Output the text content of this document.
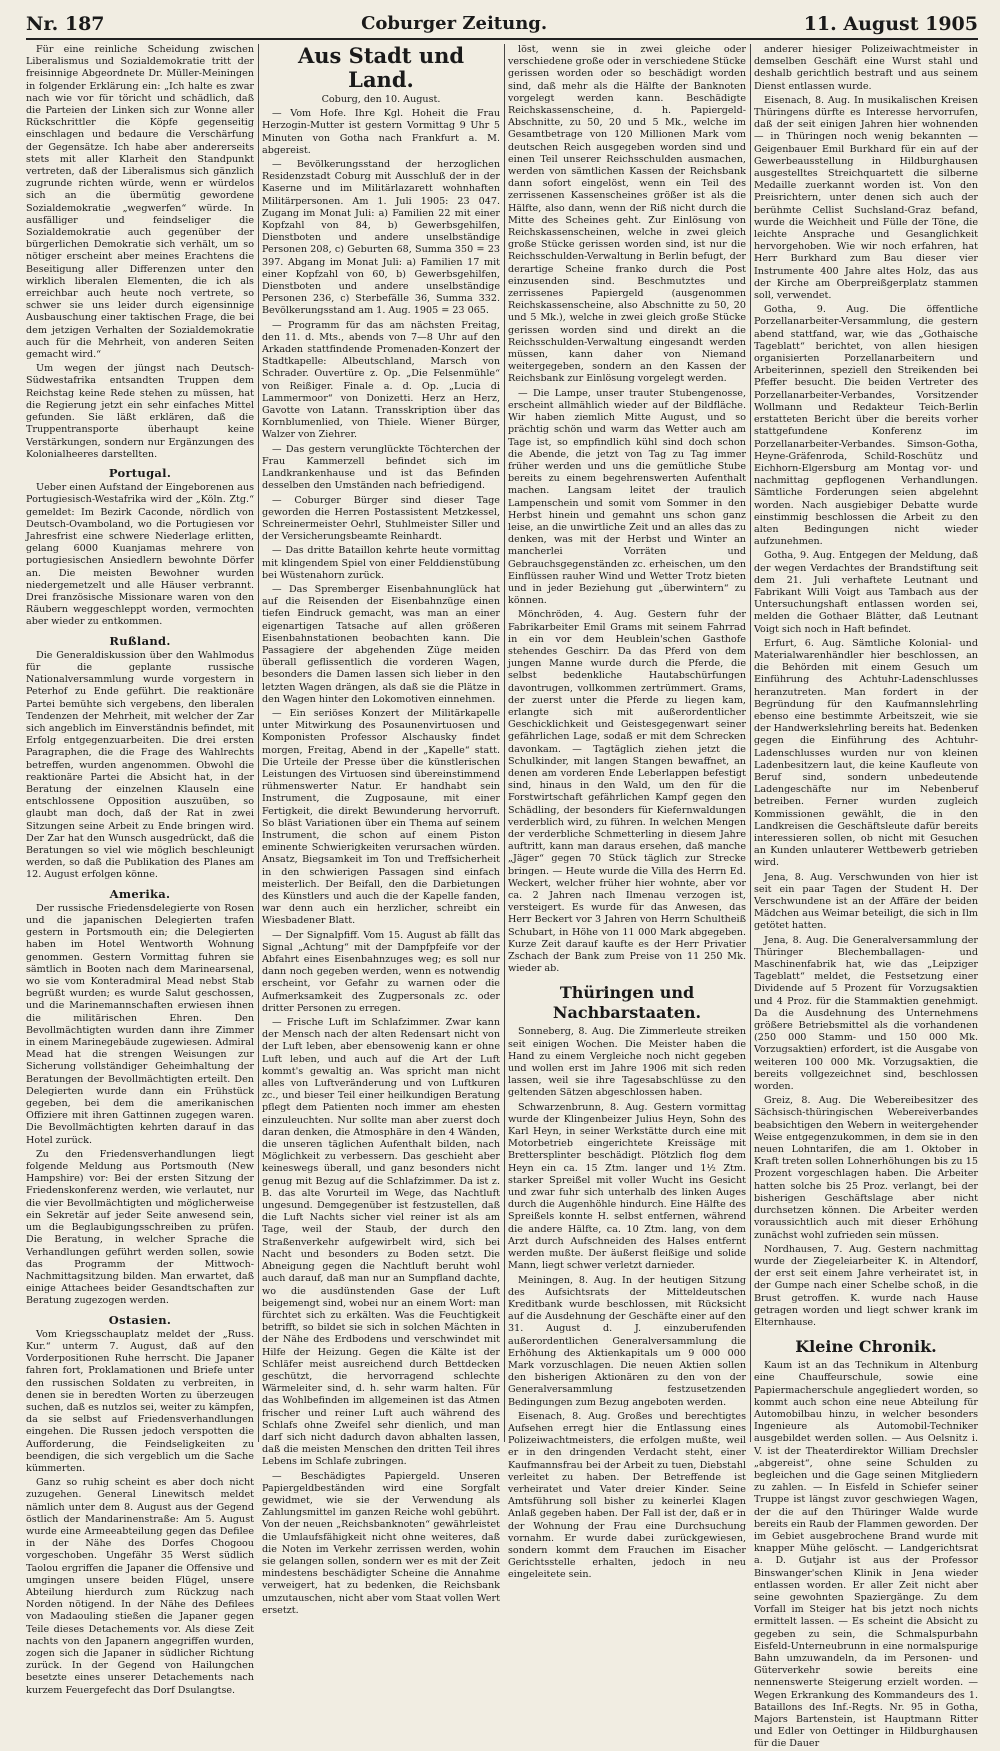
Nr. 187	Coburger Zeitung.	11. August 1905

Für eine reinliche Scheidung zwischen Liberalismus und Sozialdemokratie tritt der freisinnige Abgeordnete Dr. Müller-Meiningen in folgender Erklärung ein: „Ich halte es zwar nach wie vor für töricht und schädlich, daß die Parteien der Linken sich zur Wonne aller Rückschrittler die Köpfe gegenseitig einschlagen und bedaure die Verschärfung der Gegensätze. Ich habe aber andererseits stets mit aller Klarheit den Standpunkt vertreten, daß der Liberalismus sich gänzlich zugrunde richten würde, wenn er würdelos sich an die übermütig gewordene Sozialdemokratie „wegwerfen“ würde. In ausfälliger und feindseliger die Sozialdemokratie auch gegenüber der bürgerlichen Demokratie sich verhält, um so nötiger erscheint aber meines Erachtens die Beseitigung aller Differenzen unter den wirklich liberalen Elementen, die ich als erreichbar auch heute noch vertrete, so schwer sie uns leider durch eigensinnige Ausbauschung einer taktischen Frage, die bei dem jetzigen Verhalten der Sozialdemokratie auch für die Mehrheit, von anderen Seiten gemacht wird.“

Um wegen der jüngst nach Deutsch-Südwestafrika entsandten Truppen dem Reichstag keine Rede stehen zu müssen, hat die Regierung jetzt ein sehr einfaches Mittel gefunden. Sie läßt erklären, daß die Truppentransporte überhaupt keine Verstärkungen, sondern nur Ergänzungen des Kolonialheeres darstellten.

Portugal.

Ueber einen Aufstand der Eingeborenen aus Portugiesisch-Westafrika wird der „Köln. Ztg.“ gemeldet: Im Bezirk Caconde, nördlich von Deutsch-Ovamboland, wo die Portugiesen vor Jahresfrist eine schwere Niederlage erlitten, gelang 6000 Kuanjamas mehrere von portugiesischen Ansiedlern bewohnte Dörfer an. Die meisten Bewohner wurden niedergemetzelt und alle Häuser verbrannt. Drei französische Missionare waren von den Räubern weggeschleppt worden, vermochten aber wieder zu entkommen.

Rußland.

Die Generaldiskussion über den Wahlmodus für die geplante russische Nationalversammlung wurde vorgestern in Peterhof zu Ende geführt. Die reaktionäre Partei bemühte sich vergebens, den liberalen Tendenzen der Mehrheit, mit welcher der Zar sich angeblich im Einverständnis befindet, mit Erfolg entgegenzuarbeiten. Die drei ersten Paragraphen, die die Frage des Wahlrechts betreffen, wurden angenommen. Obwohl die reaktionäre Partei die Absicht hat, in der Beratung der einzelnen Klauseln eine entschlossene Opposition auszuüben, so glaubt man doch, daß der Rat in zwei Sitzungen seine Arbeit zu Ende bringen wird. Der Zar hat den Wunsch ausgedrückt, daß die Beratungen so viel wie möglich beschleunigt werden, so daß die Publikation des Planes am 12. August erfolgen könne.

Amerika.

Der russische Friedensdelegierte von Rosen und die japanischen Delegierten trafen gestern in Portsmouth ein; die Delegierten haben im Hotel Wentworth Wohnung genommen. Gestern Vormittag fuhren sie sämtlich in Booten nach dem Marinearsenal, wo sie vom Konteradmiral Mead nebst Stab begrüßt wurden; es wurde Salut geschossen, und die Marinemannschaften erwiesen ihnen die militärischen Ehren. Den Bevollmächtigten wurden dann ihre Zimmer in einem Marinegebäude zugewiesen. Admiral Mead hat die strengen Weisungen zur Sicherung vollständiger Geheimhaltung der Beratungen der Bevollmächtigten erteilt. Den Delegierten wurde dann ein Frühstück gegeben, bei dem die amerikanischen Offiziere mit ihren Gattinnen zugegen waren. Die Bevollmächtigten kehrten darauf in das Hotel zurück.

Zu den Friedensverhandlungen liegt folgende Meldung aus Portsmouth (New Hampshire) vor: Bei der ersten Sitzung der Friedenskonferenz werden, wie verlautet, nur die vier Bevollmächtigten und möglicherweise ein Sekretär auf jeder Seite anwesend sein, um die Beglaubigungsschreiben zu prüfen. Die Beratung, in welcher Sprache die Verhandlungen geführt werden sollen, sowie das Programm der Mittwoch-Nachmittagsitzung bilden. Man erwartet, daß einige Attachees beider Gesandtschaften zur Beratung zugezogen werden.

Ostasien.

Vom Kriegsschauplatz meldet der „Russ. Kur.“ unterm 7. August, daß auf den Vorderpositionen Ruhe herrscht. Die Japaner fahren fort, Proklamationen und Briefe unter den russischen Soldaten zu verbreiten, in denen sie in beredten Worten zu überzeugen suchen, daß es nutzlos sei, weiter zu kämpfen, da sie selbst auf Friedensverhandlungen eingehen. Die Russen jedoch verspotten die Aufforderung, die Feindseligkeiten zu beendigen, die sich vergeblich um die Sache kümmerten.

Ganz so ruhig scheint es aber doch nicht zuzugehen. General Linewitsch meldet nämlich unter dem 8. August aus der Gegend östlich der Mandarinenstraße: Am 5. August wurde eine Armeeabteilung gegen das Defilee in der Nähe des Dorfes Chogoou vorgeschoben. Ungefähr 35 Werst südlich Taolou ergriffen die Japaner die Offensive und umgingen unsere beiden Flügel, unsere Abteilung hierdurch zum Rückzug nach Norden nötigend. In der Nähe des Defilees von Madaouling stießen die Japaner gegen Teile dieses Detachements vor. Als diese Zeit nachts von den Japanern angegriffen wurden, zogen sich die Japaner in südlicher Richtung zurück. In der Gegend von Hailungchen besetzte eines unserer Detachements nach kurzem Feuergefecht das Dorf Dsulangtse.

Aus Stadt und Land.
Coburg, den 10. August.

— Vom Hofe. Ihre Kgl. Hoheit die Frau Herzogin-Mutter ist gestern Vormittag 9 Uhr 5 Minuten von Gotha nach Frankfurt a. M. abgereist.

— Bevölkerungsstand der herzoglichen Residenzstadt Coburg mit Ausschluß der in der Kaserne und im Militärlazarett wohnhaften Militärpersonen. Am 1. Juli 1905: 23 047. Zugang im Monat Juli: a) Familien 22 mit einer Kopfzahl von 84, b) Gewerbsgehilfen, Dienstboten und andere unselbständige Personen 208, c) Geburten 68, Summa 350 = 23 397. Abgang im Monat Juli: a) Familien 17 mit einer Kopfzahl von 60, b) Gewerbsgehilfen, Dienstboten und andere unselbständige Personen 236, c) Sterbefälle 36, Summa 332. Bevölkerungsstand am 1. Aug. 1905 = 23 065.

— Programm für das am nächsten Freitag, den 11. d. Mts., abends von 7—8 Uhr auf den Arkaden stattfindende Promenaden-Konzert der Stadtkapelle: Albeutschland, Marsch von Schrader. Ouvertüre z. Op. „Die Felsenmühle“ von Reißiger. Finale a. d. Op. „Lucia di Lammermoor“ von Donizetti. Herz an Herz, Gavotte von Latann. Transskription über das Kornblumenlied, von Thiele. Wiener Bürger, Walzer von Ziehrer.

— Das gestern verunglückte Töchterchen der Frau Kammerzell befindet sich im Landkrankenhause und ist das Befinden desselben den Umständen nach befriedigend.

— Coburger Bürger sind dieser Tage geworden die Herren Postassistent Metzkessel, Schreinermeister Oehrl, Stuhlmeister Siller und der Versicherungsbeamte Reinhardt.

— Das dritte Bataillon kehrte heute vormittag mit klingendem Spiel von einer Felddienstübung bei Wüstenahorn zurück.

— Das Spremberger Eisenbahnunglück hat auf die Reisenden der Eisenbahnzüge einen tiefen Eindruck gemacht, was man an einer eigenartigen Tatsache auf allen größeren Eisenbahnstationen beobachten kann. Die Passagiere der abgehenden Züge meiden überall geflissentlich die vorderen Wagen, besonders die Damen lassen sich lieber in den letzten Wagen drängen, als daß sie die Plätze in den Wagen hinter den Lokomotiven einnehmen.

— Ein seriöses Konzert der Militärkapelle unter Mitwirkung des Posaunenvirtuosen und Komponisten Professor Alschausky findet morgen, Freitag, Abend in der „Kapelle“ statt. Die Urteile der Presse über die künstlerischen Leistungen des Virtuosen sind übereinstimmend rühmenswerter Natur. Er handhabt sein Instrument, die Zugposaune, mit einer Fertigkeit, die direkt Bewunderung hervorruft. So bläst Variationen über ein Thema auf seinem Instrument, die schon auf einem Piston eminente Schwierigkeiten verursachen würden. Ansatz, Biegsamkeit im Ton und Treffsicherheit in den schwierigen Passagen sind einfach meisterlich. Der Beifall, den die Darbietungen des Künstlers und auch die der Kapelle fanden, war denn auch ein herzlicher, schreibt ein Wiesbadener Blatt.

— Der Signalpfiff. Vom 15. August ab fällt das Signal „Achtung“ mit der Dampfpfeife vor der Abfahrt eines Eisenbahnzuges weg; es soll nur dann noch gegeben werden, wenn es notwendig erscheint, vor Gefahr zu warnen oder die Aufmerksamkeit des Zugpersonals zc. oder dritter Personen zu erregen.

— Frische Luft im Schlafzimmer. Zwar kann der Mensch nach der alten Redensart nicht von der Luft leben, aber ebensowenig kann er ohne Luft leben, und auch auf die Art der Luft kommt's gewaltig an. Was spricht man nicht alles von Luftveränderung und von Luftkuren zc., und bieser Teil einer heilkundigen Beratung pflegt dem Patienten noch immer am ehesten einzuleuchten. Nur sollte man aber zuerst doch daran denken, die Atmosphäre in den 4 Wänden, die unseren täglichen Aufenthalt bilden, nach Möglichkeit zu verbessern. Das geschieht aber keineswegs überall, und ganz besonders nicht genug mit Bezug auf die Schlafzimmer. Da ist z. B. das alte Vorurteil im Wege, das Nachtluft ungesund. Demgegenüber ist festzustellen, daß die Luft Nachts sicher viel reiner ist als am Tage, weil der Staub, der durch den Straßenverkehr aufgewirbelt wird, sich bei Nacht und besonders zu Boden setzt. Die Abneigung gegen die Nachtluft beruht wohl auch darauf, daß man nur an Sumpfland dachte, wo die ausdünstenden Gase der Luft beigemengt sind, wobei nur an einem Wort: man fürchtet sich zu erkälten. Was die Feuchtigkeit betrifft, so bildet sie sich in solchen Mächten in der Nähe des Erdbodens und verschwindet mit Hilfe der Heizung. Gegen die Kälte ist der Schläfer meist ausreichend durch Bettdecken geschützt, die hervorragend schlechte Wärmeleiter sind, d. h. sehr warm halten. Für das Wohlbefinden im allgemeinen ist das Atmen frischer und reiner Luft auch während des Schlafs ohne Zweifel sehr dienlich, und man darf sich nicht dadurch davon abhalten lassen, daß die meisten Menschen den dritten Teil ihres Lebens im Schlafe zubringen.

— Beschädigtes Papiergeld. Unseren Papiergeldbeständen wird eine Sorgfalt gewidmet, wie sie der Verwendung als Zahlungsmittel im ganzen Reiche wohl gebührt. Von der neuen „Reichsbanknoten“ gewährleistet die Umlaufsfähigkeit nicht ohne weiteres, daß die Noten im Verkehr zerrissen werden, wohin sie gelangen sollen, sondern wer es mit der Zeit mindestens beschädigter Scheine die Annahme verweigert, hat zu bedenken, die Reichsbank umzutauschen, nicht aber vom Staat vollen Wert ersetzt.

löst, wenn sie in zwei gleiche oder verschiedene große oder in verschiedene Stücke gerissen worden oder so beschädigt worden sind, daß mehr als die Hälfte der Banknoten vorgelegt werden kann. Beschädigte Reichskassenscheine, d. h. Papiergeld-Abschnitte, zu 50, 20 und 5 Mk., welche im Gesamtbetrage von 120 Millionen Mark vom deutschen Reich ausgegeben worden sind und einen Teil unserer Reichsschulden ausmachen, werden von sämtlichen Kassen der Reichsbank dann sofort eingelöst, wenn ein Teil des zerrissenen Kassenscheines größer ist als die Hälfte, also dann, wenn der Riß nicht durch die Mitte des Scheines geht. Zur Einlösung von Reichskassenscheinen, welche in zwei gleich große Stücke gerissen worden sind, ist nur die Reichsschulden-Verwaltung in Berlin befugt, der derartige Scheine franko durch die Post einzusenden sind. Beschmutztes und zerrissenes Papiergeld (ausgenommen Reichskassenscheine, also Abschnitte zu 50, 20 und 5 Mk.), welche in zwei gleich große Stücke gerissen worden sind und direkt an die Reichsschulden-Verwaltung eingesandt werden müssen, kann daher von Niemand weitergegeben, sondern an den Kassen der Reichsbank zur Einlösung vorgelegt werden.

— Die Lampe, unser trauter Stubengenosse, erscheint allmählich wieder auf der Bildfläche. Wir haben ziemlich Mitte August, und so prächtig schön und warm das Wetter auch am Tage ist, so empfindlich kühl sind doch schon die Abende, die jetzt von Tag zu Tag immer früher werden und uns die gemütliche Stube bereits zu einem begehrenswerten Aufenthalt machen. Langsam leitet der traulich Lampenschein und somit vom Sommer in den Herbst hinein und gemahnt uns schon ganz leise, an die unwirtliche Zeit und an alles das zu denken, was mit der Herbst und Winter an mancherlei Vorräten und Gebrauchsgegenständen zc. erheischen, um den Einflüssen rauher Wind und Wetter Trotz bieten und in jeder Beziehung gut „überwintern“ zu können.

Mönchröden, 4. Aug. Gestern fuhr der Fabrikarbeiter Emil Grams mit seinem Fahrrad in ein vor dem Heublein'schen Gasthofe stehendes Geschirr. Da das Pferd von dem jungen Manne wurde durch die Pferde, die selbst bedenkliche Hautabschürfungen davontrugen, vollkommen zertrümmert. Grams, der zuerst unter die Pferde zu liegen kam, erlangte sich mit außerordentlicher Geschicklichkeit und Geistesgegenwart seiner gefährlichen Lage, sodaß er mit dem Schrecken davonkam. — Tagtäglich ziehen jetzt die Schulkinder, mit langen Stangen bewaffnet, an denen am vorderen Ende Leberlappen befestigt sind, hinaus in den Wald, um den für die Forstwirtschaft gefährlichen Kampf gegen den Schädling, der besonders für Kiefernwaldungen verderblich wird, zu führen. In welchen Mengen der verderbliche Schmetterling in diesem Jahre auftritt, kann man daraus ersehen, daß manche „Jäger“ gegen 70 Stück täglich zur Strecke bringen. — Heute wurde die Villa des Herrn Ed. Weckert, welcher früher hier wohnte, aber vor ca. 2 Jahren nach Ilmenau verzogen ist, versteigert. Es wurde für das Anwesen, das Herr Beckert vor 3 Jahren von Herrn Schultheiß Schubart, in Höhe von 11 000 Mark abgegeben. Kurze Zeit darauf kaufte es der Herr Privatier Zschach der Bank zum Preise von 11 250 Mk. wieder ab.

Thüringen und Nachbarstaaten.

Sonneberg, 8. Aug. Die Zimmerleute streiken seit einigen Wochen. Die Meister haben die Hand zu einem Vergleiche noch nicht gegeben und wollen erst im Jahre 1906 mit sich reden lassen, weil sie ihre Tagesabschlüsse zu den geltenden Sätzen abgeschlossen haben.

Schwarzenbrunn, 8. Aug. Gestern vormittag wurde der Klingenbeizer Julius Heyn, Sohn des Karl Heyn, in seiner Werkstätte durch eine mit Motorbetrieb eingerichtete Kreissäge mit Brettersplinter beschädigt. Plötzlich flog dem Heyn ein ca. 15 Ztm. langer und 1½ Ztm. starker Spreißel mit voller Wucht ins Gesicht und zwar fuhr sich unterhalb des linken Auges durch die Augenhöhle hindurch. Eine Hälfte des Spreißels konnte H. selbst entfernen, während die andere Hälfte, ca. 10 Ztm. lang, von dem Arzt durch Aufschneiden des Halses entfernt werden mußte. Der äußerst fleißige und solide Mann, liegt schwer verletzt darnieder.

Meiningen, 8. Aug. In der heutigen Sitzung des Aufsichtsrats der Mitteldeutschen Kreditbank wurde beschlossen, mit Rücksicht auf die Ausdehnung der Geschäfte einer auf den 31. August d. J. einzuberufenden außerordentlichen Generalversammlung die Erhöhung des Aktienkapitals um 9 000 000 Mark vorzuschlagen. Die neuen Aktien sollen den bisherigen Aktionären zu den von der Generalversammlung festzusetzenden Bedingungen zum Bezug angeboten werden.

Eisenach, 8. Aug. Großes und berechtigtes Aufsehen erregt hier die Entlassung eines Polizeiwachtmeisters, die erfolgen mußte, weil er in den dringenden Verdacht steht, einer Kaufmannsfrau bei der Arbeit zu tuen, Diebstahl verleitet zu haben. Der Betreffende ist verheiratet und Vater dreier Kinder. Seine Amtsführung soll bisher zu keinerlei Klagen Anlaß gegeben haben. Der Fall ist der, daß er in der Wohnung der Frau eine Durchsuchung vornahm. Er wurde dabei zurückgewiesen, sondern kommt dem Frauchen im Eisacher Gerichtsstelle erhalten, jedoch in neu eingeleitete sein.

anderer hiesiger Polizeiwachtmeister in demselben Geschäft eine Wurst stahl und deshalb gerichtlich bestraft und aus seinem Dienst entlassen wurde.

Eisenach, 8. Aug. In musikalischen Kreisen Thüringens dürfte es Interesse hervorrufen, daß der seit einigen Jahren hier wohnenden — in Thüringen noch wenig bekannten — Geigenbauer Emil Burkhard für ein auf der Gewerbeausstellung in Hildburghausen ausgestelltes Streichquartett die silberne Medaille zuerkannt worden ist. Von den Preisrichtern, unter denen sich auch der berühmte Cellist Suchsland-Graz befand, wurde die Weichheit und Fülle der Töne, die leichte Ansprache und Gesanglichkeit hervorgehoben. Wie wir noch erfahren, hat Herr Burkhard zum Bau dieser vier Instrumente 400 Jahre altes Holz, das aus der Kirche am Oberpreißgerplatz stammen soll, verwendet.

Gotha, 9. Aug. Die öffentliche Porzellanarbeiter-Versammlung, die gestern abend stattfand, war, wie das „Gothaische Tageblatt“ berichtet, von allen hiesigen organisierten Porzellanarbeitern und Arbeiterinnen, speziell den Streikenden bei Pfeffer besucht. Die beiden Vertreter des Porzellanarbeiter-Verbandes, Vorsitzender Wollmann und Redakteur Teich-Berlin erstatteten Bericht über die bereits vorher stattgefundene Konferenz im Porzellanarbeiter-Verbandes. Simson-Gotha, Heyne-Gräfenroda, Schild-Roschütz und Eichhorn-Elgersburg am Montag vor- und nachmittag gepflogenen Verhandlungen. Sämtliche Forderungen seien abgelehnt worden. Nach ausgiebiger Debatte wurde einstimmig beschlossen die Arbeit zu den alten Bedingungen nicht wieder aufzunehmen.

Gotha, 9. Aug. Entgegen der Meldung, daß der wegen Verdachtes der Brandstiftung seit dem 21. Juli verhaftete Leutnant und Fabrikant Willi Voigt aus Tambach aus der Untersuchungshaft entlassen worden sei, melden die Gothaer Blätter, daß Leutnant Voigt sich noch in Haft befindet.

Erfurt, 6. Aug. Sämtliche Kolonial- und Materialwarenhändler hier beschlossen, an die Behörden mit einem Gesuch um Einführung des Achtuhr-Ladenschlusses heranzutreten. Man fordert in der Begründung für den Kaufmannslehrling ebenso eine bestimmte Arbeitszeit, wie sie der Handwerkslehrling bereits hat. Bedenken gegen die Einführung des Achtuhr-Ladenschlusses wurden nur von kleinen Ladenbesitzern laut, die keine Kaufleute von Beruf sind, sondern unbedeutende Ladengeschäfte nur im Nebenberuf betreiben. Ferner wurden zugleich Kommissionen gewählt, die in den Landkreisen die Geschäftsleute dafür bereits interessieren sollen, ob nicht mit Gesuchen an Kunden unlauterer Wettbewerb getrieben wird.

Jena, 8. Aug. Verschwunden von hier ist seit ein paar Tagen der Student H. Der Verschwundene ist an der Affäre der beiden Mädchen aus Weimar beteiligt, die sich in Ilm getötet hatten.

Jena, 8. Aug. Die Generalversammlung der Thüringer Blechemballagen- und Maschinenfabrik hat, wie das „Leipziger Tageblatt“ meldet, die Festsetzung einer Dividende auf 5 Prozent für Vorzugsaktien und 4 Proz. für die Stammaktien genehmigt. Da die Ausdehnung des Unternehmens größere Betriebsmittel als die vorhandenen (250 000 Stamm- und 150 000 Mk. Vorzugsaktien) erfordert, ist die Ausgabe von weiteren 100 000 Mk. Vorzugsaktien, die bereits vollgezeichnet sind, beschlossen worden.

Greiz, 8. Aug. Die Webereibesitzer des Sächsisch-thüringischen Webereiverbandes beabsichtigen den Webern in weitergehender Weise entgegenzukommen, in dem sie in den neuen Lohntarifen, die am 1. Oktober in Kraft treten sollen Lohnerhöhungen bis zu 15 Prozent vorgeschlagen haben. Die Arbeiter hatten solche bis 25 Proz. verlangt, bei der bisherigen Geschäftslage aber nicht durchsetzen können. Die Arbeiter werden voraussichtlich auch mit dieser Erhöhung zunächst wohl zufrieden sein müssen.

Nordhausen, 7. Aug. Gestern nachmittag wurde der Ziegeleiarbeiter K. in Altendorf, der erst seit einem Jahre verheiratet ist, in der Gumpe nach einer Schelbe schoß, in die Brust getroffen. K. wurde nach Hause getragen worden und liegt schwer krank im Elternhause.

Kleine Chronik.

Kaum ist an das Technikum in Altenburg eine Chauffeurschule, sowie eine Papiermacherschule angegliedert worden, so kommt auch schon eine neue Abteilung für Automobilbau hinzu, in welcher besonders Ingenieure als Automobil-Techniker ausgebildet werden sollen. — Aus Oelsnitz i. V. ist der Theaterdirektor William Drechsler „abgereist“, ohne seine Schulden zu begleichen und die Gage seinen Mitgliedern zu zahlen. — In Eisfeld in Schiefer seiner Truppe ist längst zuvor geschwiegen Wagen, der die auf den Thüringer Walde wurde bereits ein Raub der Flammen geworden. Der im Gebiet ausgebrochene Brand wurde mit knapper Mühe gelöscht. — Landgerichtsrat a. D. Gutjahr ist aus der Professor Binswanger'schen Klinik in Jena wieder entlassen worden. Er aller Zeit nicht aber seine gewohnten Spaziergänge. Zu dem Vorfall im Steiger hat bis jetzt noch nichts ermittelt lassen. — Es scheint die Absicht zu gegeben zu sein, die Schmalspurbahn Eisfeld-Unterneubrunn in eine normalspurige Bahn umzuwandeln, da im Personen- und Güterverkehr sowie bereits eine nennenswerte Steigerung erzielt worden. — Wegen Erkrankung des Kommandeurs des 1. Bataillons des Inf.-Regts. Nr. 95 in Gotha, Majors Bartenstein, ist Hauptmann Ritter und Edler von Oettinger in Hildburghausen für die Dauer
